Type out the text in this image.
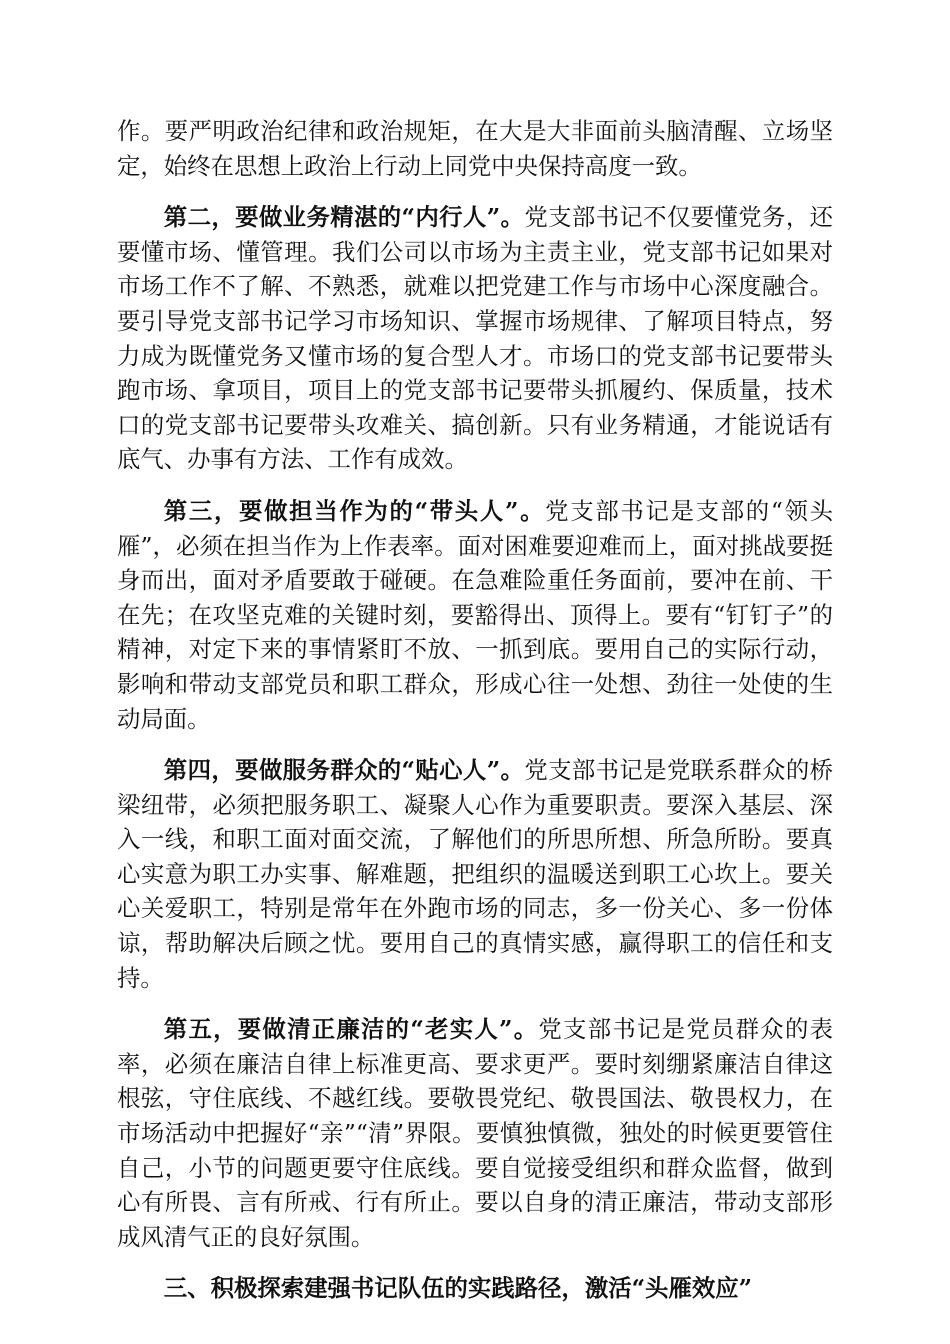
作。要严明政治纪律和政治规矩，在大是大非面前头脑清醒、立场坚定，始终在思想上政治上行动上同党中央保持高度一致。

第二，要做业务精湛的“内行人”。党支部书记不仅要懂党务，还要懂市场、懂管理。我们公司以市场为主责主业，党支部书记如果对市场工作不了解、不熟悉，就难以把党建工作与市场中心深度融合。要引导党支部书记学习市场知识、掌握市场规律、了解项目特点，努力成为既懂党务又懂市场的复合型人才。市场口的党支部书记要带头跑市场、拿项目，项目上的党支部书记要带头抓履约、保质量，技术口的党支部书记要带头攻难关、搞创新。只有业务精通，才能说话有底气、办事有方法、工作有成效。

第三，要做担当作为的“带头人”。党支部书记是支部的“领头雁”，必须在担当作为上作表率。面对困难要迎难而上，面对挑战要挺身而出，面对矛盾要敢于碰硬。在急难险重任务面前，要冲在前、干在先；在攻坚克难的关键时刻，要豁得出、顶得上。要有“钉钉子”的精神，对定下来的事情紧盯不放、一抓到底。要用自己的实际行动，影响和带动支部党员和职工群众，形成心往一处想、劲往一处使的生动局面。

第四，要做服务群众的“贴心人”。党支部书记是党联系群众的桥梁纽带，必须把服务职工、凝聚人心作为重要职责。要深入基层、深入一线，和职工面对面交流，了解他们的所思所想、所急所盼。要真心实意为职工办实事、解难题，把组织的温暖送到职工心坎上。要关心关爱职工，特别是常年在外跑市场的同志，多一份关心、多一份体谅，帮助解决后顾之忧。要用自己的真情实感，赢得职工的信任和支持。

第五，要做清正廉洁的“老实人”。党支部书记是党员群众的表率，必须在廉洁自律上标准更高、要求更严。要时刻绷紧廉洁自律这根弦，守住底线、不越红线。要敬畏党纪、敬畏国法、敬畏权力，在市场活动中把握好“亲”“清”界限。要慎独慎微，独处的时候更要管住自己，小节的问题更要守住底线。要自觉接受组织和群众监督，做到心有所畏、言有所戒、行有所止。要以自身的清正廉洁，带动支部形成风清气正的良好氛围。

三、积极探索建强书记队伍的实践路径，激活“头雁效应”
